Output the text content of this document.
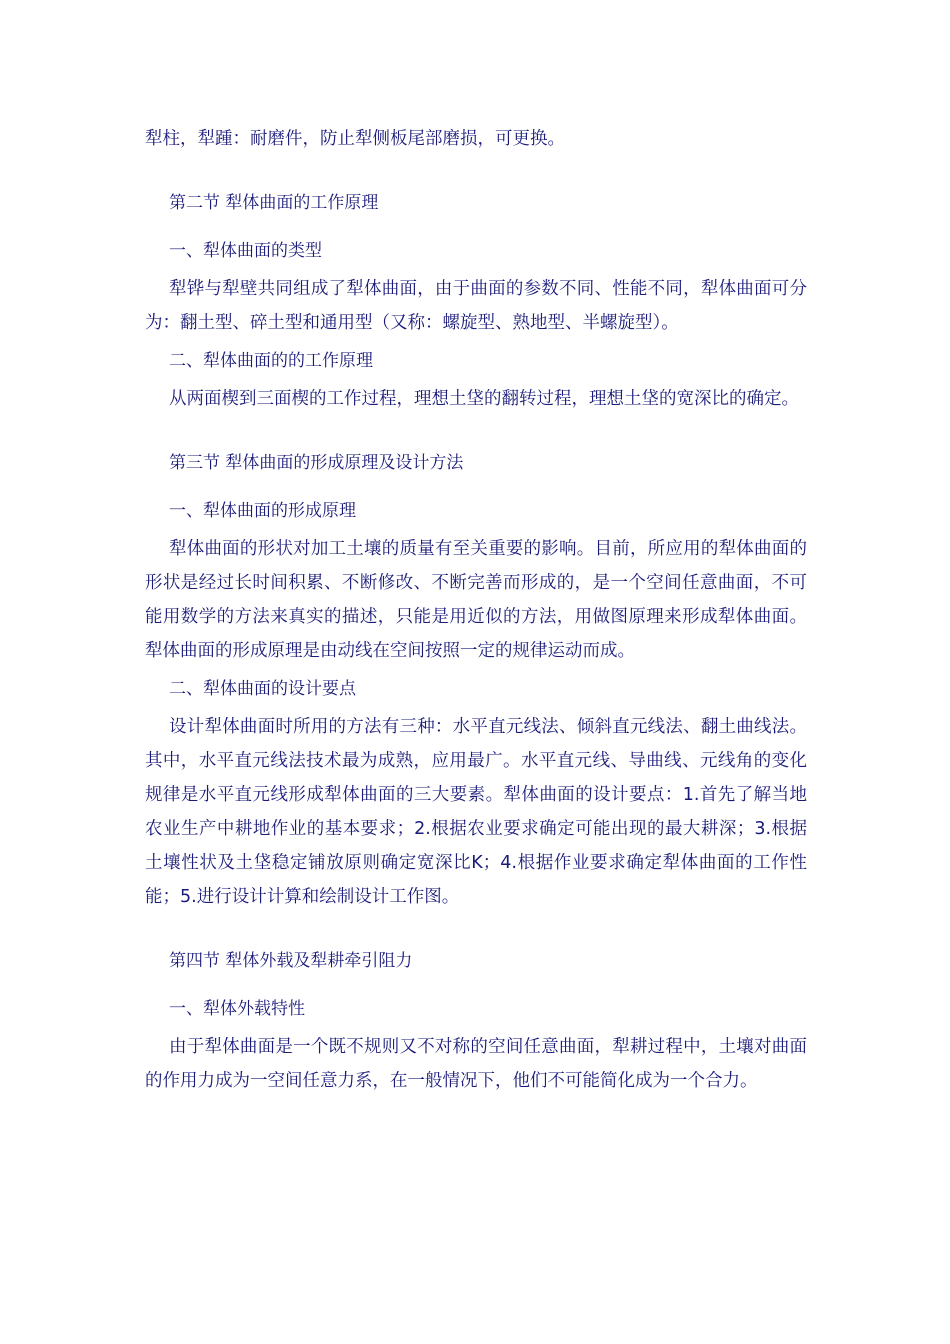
犁柱，犁踵：耐磨件，防止犁侧板尾部磨损，可更换。

第二节 犁体曲面的工作原理

一、犁体曲面的类型

犁铧与犁壁共同组成了犁体曲面，由于曲面的参数不同、性能不同，犁体曲面可分为：翻土型、碎土型和通用型（又称：螺旋型、熟地型、半螺旋型）。

二、犁体曲面的的工作原理

从两面楔到三面楔的工作过程，理想土垡的翻转过程，理想土垡的宽深比的确定。

第三节 犁体曲面的形成原理及设计方法

一、犁体曲面的形成原理

犁体曲面的形状对加工土壤的质量有至关重要的影响。目前，所应用的犁体曲面的形状是经过长时间积累、不断修改、不断完善而形成的，是一个空间任意曲面，不可能用数学的方法来真实的描述，只能是用近似的方法，用做图原理来形成犁体曲面。犁体曲面的形成原理是由动线在空间按照一定的规律运动而成。

二、犁体曲面的设计要点

设计犁体曲面时所用的方法有三种：水平直元线法、倾斜直元线法、翻土曲线法。其中，水平直元线法技术最为成熟，应用最广。水平直元线、导曲线、元线角的变化规律是水平直元线形成犁体曲面的三大要素。犁体曲面的设计要点：1.首先了解当地农业生产中耕地作业的基本要求；2.根据农业要求确定可能出现的最大耕深；3.根据土壤性状及土垡稳定铺放原则确定宽深比K；4.根据作业要求确定犁体曲面的工作性能；5.进行设计计算和绘制设计工作图。

第四节 犁体外载及犁耕牵引阻力

一、犁体外载特性

由于犁体曲面是一个既不规则又不对称的空间任意曲面，犁耕过程中，土壤对曲面的作用力成为一空间任意力系，在一般情况下，他们不可能简化成为一个合力。
